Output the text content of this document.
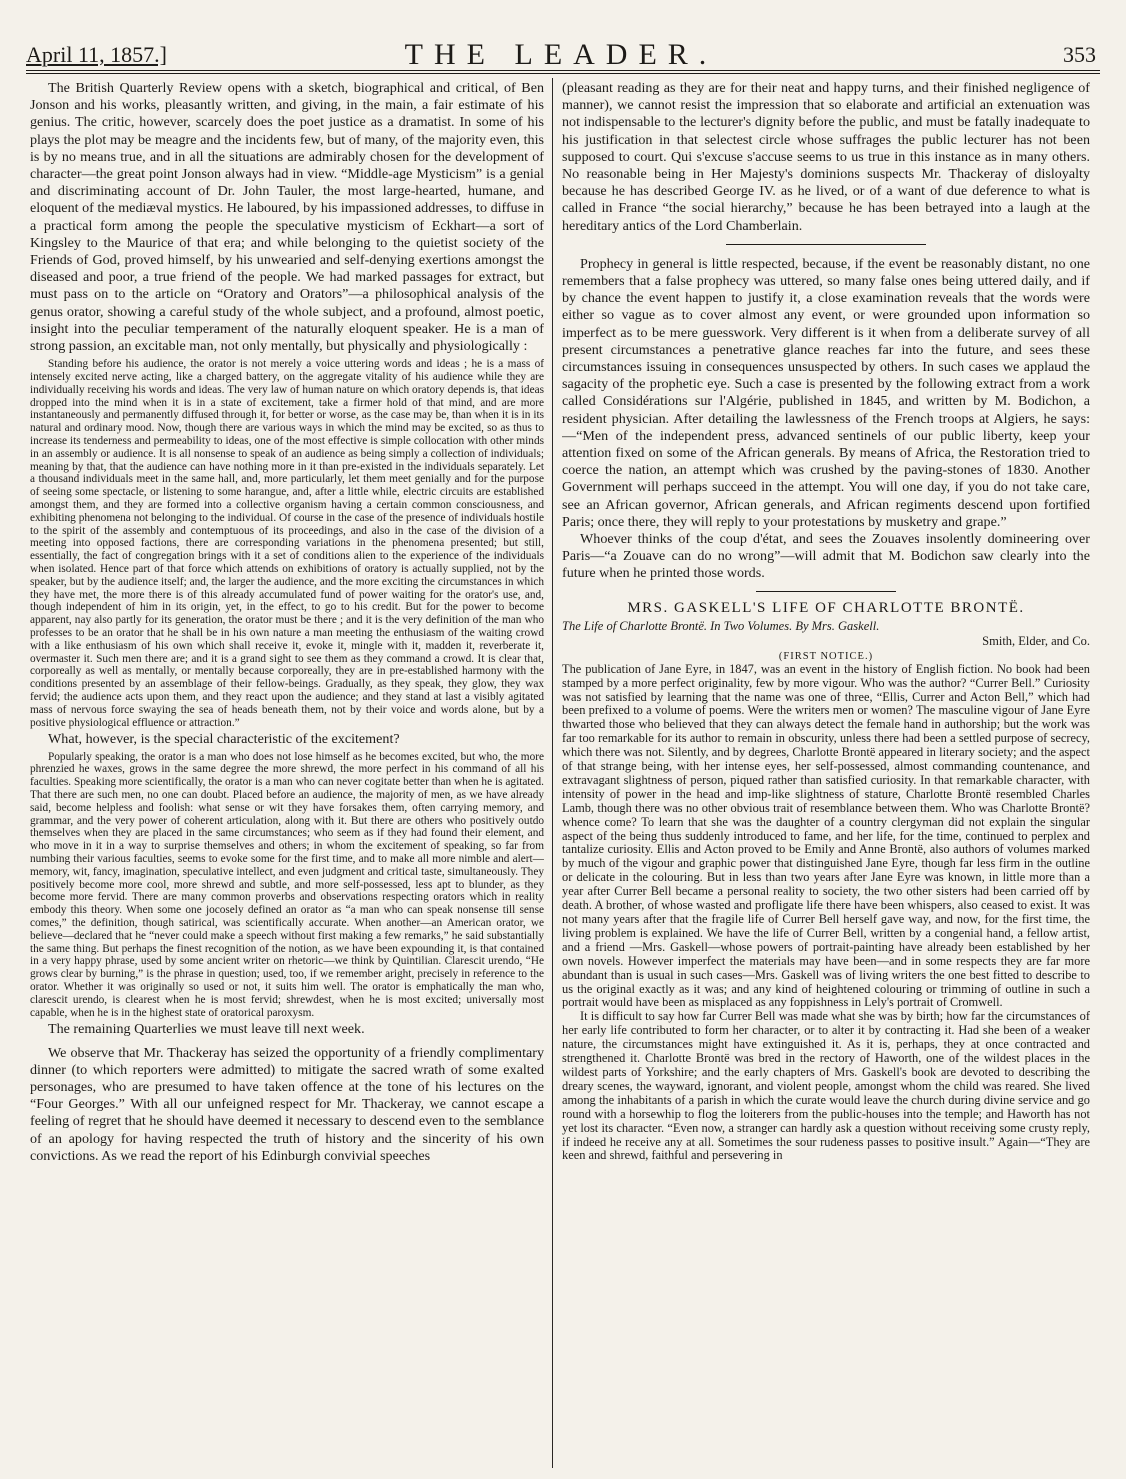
April 11, 1857.]	THE LEADER.	353

The British Quarterly Review opens with a sketch, biographical and critical, of Ben Jonson and his works, pleasantly written, and giving, in the main, a fair estimate of his genius. The critic, however, scarcely does the poet justice as a dramatist. In some of his plays the plot may be meagre and the incidents few, but of many, of the majority even, this is by no means true, and in all the situations are admirably chosen for the development of character—the great point Jonson always had in view. “Middle-age Mysticism” is a genial and discriminating account of Dr. John Tauler, the most large-hearted, humane, and eloquent of the mediæval mystics. He laboured, by his impassioned addresses, to diffuse in a practical form among the people the speculative mysticism of Eckhart—a sort of Kingsley to the Maurice of that era; and while belonging to the quietist society of the Friends of God, proved himself, by his unwearied and self-denying exertions amongst the diseased and poor, a true friend of the people. We had marked passages for extract, but must pass on to the article on “Oratory and Orators”—a philosophical analysis of the genus orator, showing a careful study of the whole subject, and a profound, almost poetic, insight into the peculiar temperament of the naturally eloquent speaker. He is a man of strong passion, an excitable man, not only mentally, but physically and physiologically :

Standing before his audience, the orator is not merely a voice uttering words and ideas ; he is a mass of intensely excited nerve acting, like a charged battery, on the aggregate vitality of his audience while they are individually receiving his words and ideas. The very law of human nature on which oratory depends is, that ideas dropped into the mind when it is in a state of excitement, take a firmer hold of that mind, and are more instantaneously and permanently diffused through it, for better or worse, as the case may be, than when it is in its natural and ordinary mood. Now, though there are various ways in which the mind may be excited, so as thus to increase its tenderness and permeability to ideas, one of the most effective is simple collocation with other minds in an assembly or audience. It is all nonsense to speak of an audience as being simply a collection of individuals; meaning by that, that the audience can have nothing more in it than pre-existed in the individuals separately. Let a thousand individuals meet in the same hall, and, more particularly, let them meet genially and for the purpose of seeing some spectacle, or listening to some harangue, and, after a little while, electric circuits are established amongst them, and they are formed into a collective organism having a certain common consciousness, and exhibiting phenomena not belonging to the individual. Of course in the case of the presence of individuals hostile to the spirit of the assembly and contemptuous of its proceedings, and also in the case of the division of a meeting into opposed factions, there are corresponding variations in the phenomena presented; but still, essentially, the fact of congregation brings with it a set of conditions alien to the experience of the individuals when isolated. Hence part of that force which attends on exhibitions of oratory is actually supplied, not by the speaker, but by the audience itself; and, the larger the audience, and the more exciting the circumstances in which they have met, the more there is of this already accumulated fund of power waiting for the orator's use, and, though independent of him in its origin, yet, in the effect, to go to his credit. But for the power to become apparent, nay also partly for its generation, the orator must be there ; and it is the very definition of the man who professes to be an orator that he shall be in his own nature a man meeting the enthusiasm of the waiting crowd with a like enthusiasm of his own which shall receive it, evoke it, mingle with it, madden it, reverberate it, overmaster it. Such men there are; and it is a grand sight to see them as they command a crowd. It is clear that, corporeally as well as mentally, or mentally because corporeally, they are in pre-established harmony with the conditions presented by an assemblage of their fellow-beings. Gradually, as they speak, they glow, they wax fervid; the audience acts upon them, and they react upon the audience; and they stand at last a visibly agitated mass of nervous force swaying the sea of heads beneath them, not by their voice and words alone, but by a positive physiological effluence or attraction.”

What, however, is the special characteristic of the excitement?

Popularly speaking, the orator is a man who does not lose himself as he becomes excited, but who, the more phrenzied he waxes, grows in the same degree the more shrewd, the more perfect in his command of all his faculties. Speaking more scientifically, the orator is a man who can never cogitate better than when he is agitated. That there are such men, no one can doubt. Placed before an audience, the majority of men, as we have already said, become helpless and foolish: what sense or wit they have forsakes them, often carrying memory, and grammar, and the very power of coherent articulation, along with it. But there are others who positively outdo themselves when they are placed in the same circumstances; who seem as if they had found their element, and who move in it in a way to surprise themselves and others; in whom the excitement of speaking, so far from numbing their various faculties, seems to evoke some for the first time, and to make all more nimble and alert—memory, wit, fancy, imagination, speculative intellect, and even judgment and critical taste, simultaneously. They positively become more cool, more shrewd and subtle, and more self-possessed, less apt to blunder, as they become more fervid. There are many common proverbs and observations respecting orators which in reality embody this theory. When some one jocosely defined an orator as “a man who can speak nonsense till sense comes,” the definition, though satirical, was scientifically accurate. When another—an American orator, we believe—declared that he “never could make a speech without first making a few remarks,” he said substantially the same thing. But perhaps the finest recognition of the notion, as we have been expounding it, is that contained in a very happy phrase, used by some ancient writer on rhetoric—we think by Quintilian. Clarescit urendo, “He grows clear by burning,” is the phrase in question; used, too, if we remember aright, precisely in reference to the orator. Whether it was originally so used or not, it suits him well. The orator is emphatically the man who, clarescit urendo, is clearest when he is most fervid; shrewdest, when he is most excited; universally most capable, when he is in the highest state of oratorical paroxysm.

The remaining Quarterlies we must leave till next week.

We observe that Mr. Thackeray has seized the opportunity of a friendly complimentary dinner (to which reporters were admitted) to mitigate the sacred wrath of some exalted personages, who are presumed to have taken offence at the tone of his lectures on the “Four Georges.” With all our unfeigned respect for Mr. Thackeray, we cannot escape a feeling of regret that he should have deemed it necessary to descend even to the semblance of an apology for having respected the truth of history and the sincerity of his own convictions. As we read the report of his Edinburgh convivial speeches

(pleasant reading as they are for their neat and happy turns, and their finished negligence of manner), we cannot resist the impression that so elaborate and artificial an extenuation was not indispensable to the lecturer's dignity before the public, and must be fatally inadequate to his justification in that selectest circle whose suffrages the public lecturer has not been supposed to court. Qui s'excuse s'accuse seems to us true in this instance as in many others. No reasonable being in Her Majesty's dominions suspects Mr. Thackeray of disloyalty because he has described George IV. as he lived, or of a want of due deference to what is called in France “the social hierarchy,” because he has been betrayed into a laugh at the hereditary antics of the Lord Chamberlain.

Prophecy in general is little respected, because, if the event be reasonably distant, no one remembers that a false prophecy was uttered, so many false ones being uttered daily, and if by chance the event happen to justify it, a close examination reveals that the words were either so vague as to cover almost any event, or were grounded upon information so imperfect as to be mere guesswork. Very different is it when from a deliberate survey of all present circumstances a penetrative glance reaches far into the future, and sees these circumstances issuing in consequences unsuspected by others. In such cases we applaud the sagacity of the prophetic eye. Such a case is presented by the following extract from a work called Considérations sur l'Algérie, published in 1845, and written by M. Bodichon, a resident physician. After detailing the lawlessness of the French troops at Algiers, he says:—“Men of the independent press, advanced sentinels of our public liberty, keep your attention fixed on some of the African generals. By means of Africa, the Restoration tried to coerce the nation, an attempt which was crushed by the paving-stones of 1830. Another Government will perhaps succeed in the attempt. You will one day, if you do not take care, see an African governor, African generals, and African regiments descend upon fortified Paris; once there, they will reply to your protestations by musketry and grape.”

Whoever thinks of the coup d'état, and sees the Zouaves insolently domineering over Paris—“a Zouave can do no wrong”—will admit that M. Bodichon saw clearly into the future when he printed those words.

MRS. GASKELL'S LIFE OF CHARLOTTE BRONTË.

The Life of Charlotte Brontë. In Two Volumes. By Mrs. Gaskell.

Smith, Elder, and Co.

(FIRST NOTICE.)

The publication of Jane Eyre, in 1847, was an event in the history of English fiction. No book had been stamped by a more perfect originality, few by more vigour. Who was the author? “Currer Bell.” Curiosity was not satisfied by learning that the name was one of three, “Ellis, Currer and Acton Bell,” which had been prefixed to a volume of poems. Were the writers men or women? The masculine vigour of Jane Eyre thwarted those who believed that they can always detect the female hand in authorship; but the work was far too remarkable for its author to remain in obscurity, unless there had been a settled purpose of secrecy, which there was not. Silently, and by degrees, Charlotte Brontë appeared in literary society; and the aspect of that strange being, with her intense eyes, her self-possessed, almost commanding countenance, and extravagant slightness of person, piqued rather than satisfied curiosity. In that remarkable character, with intensity of power in the head and imp-like slightness of stature, Charlotte Brontë resembled Charles Lamb, though there was no other obvious trait of resemblance between them. Who was Charlotte Brontë? whence come? To learn that she was the daughter of a country clergyman did not explain the singular aspect of the being thus suddenly introduced to fame, and her life, for the time, continued to perplex and tantalize curiosity. Ellis and Acton proved to be Emily and Anne Brontë, also authors of volumes marked by much of the vigour and graphic power that distinguished Jane Eyre, though far less firm in the outline or delicate in the colouring. But in less than two years after Jane Eyre was known, in little more than a year after Currer Bell became a personal reality to society, the two other sisters had been carried off by death. A brother, of whose wasted and profligate life there have been whispers, also ceased to exist. It was not many years after that the fragile life of Currer Bell herself gave way, and now, for the first time, the living problem is explained. We have the life of Currer Bell, written by a congenial hand, a fellow artist, and a friend —Mrs. Gaskell—whose powers of portrait-painting have already been established by her own novels. However imperfect the materials may have been—and in some respects they are far more abundant than is usual in such cases—Mrs. Gaskell was of living writers the one best fitted to describe to us the original exactly as it was; and any kind of heightened colouring or trimming of outline in such a portrait would have been as misplaced as any foppishness in Lely's portrait of Cromwell.

It is difficult to say how far Currer Bell was made what she was by birth; how far the circumstances of her early life contributed to form her character, or to alter it by contracting it. Had she been of a weaker nature, the circumstances might have extinguished it. As it is, perhaps, they at once contracted and strengthened it. Charlotte Brontë was bred in the rectory of Haworth, one of the wildest places in the wildest parts of Yorkshire; and the early chapters of Mrs. Gaskell's book are devoted to describing the dreary scenes, the wayward, ignorant, and violent people, amongst whom the child was reared. She lived among the inhabitants of a parish in which the curate would leave the church during divine service and go round with a horsewhip to flog the loiterers from the public-houses into the temple; and Haworth has not yet lost its character. “Even now, a stranger can hardly ask a question without receiving some crusty reply, if indeed he receive any at all. Sometimes the sour rudeness passes to positive insult.” Again—“They are keen and shrewd, faithful and persevering in
